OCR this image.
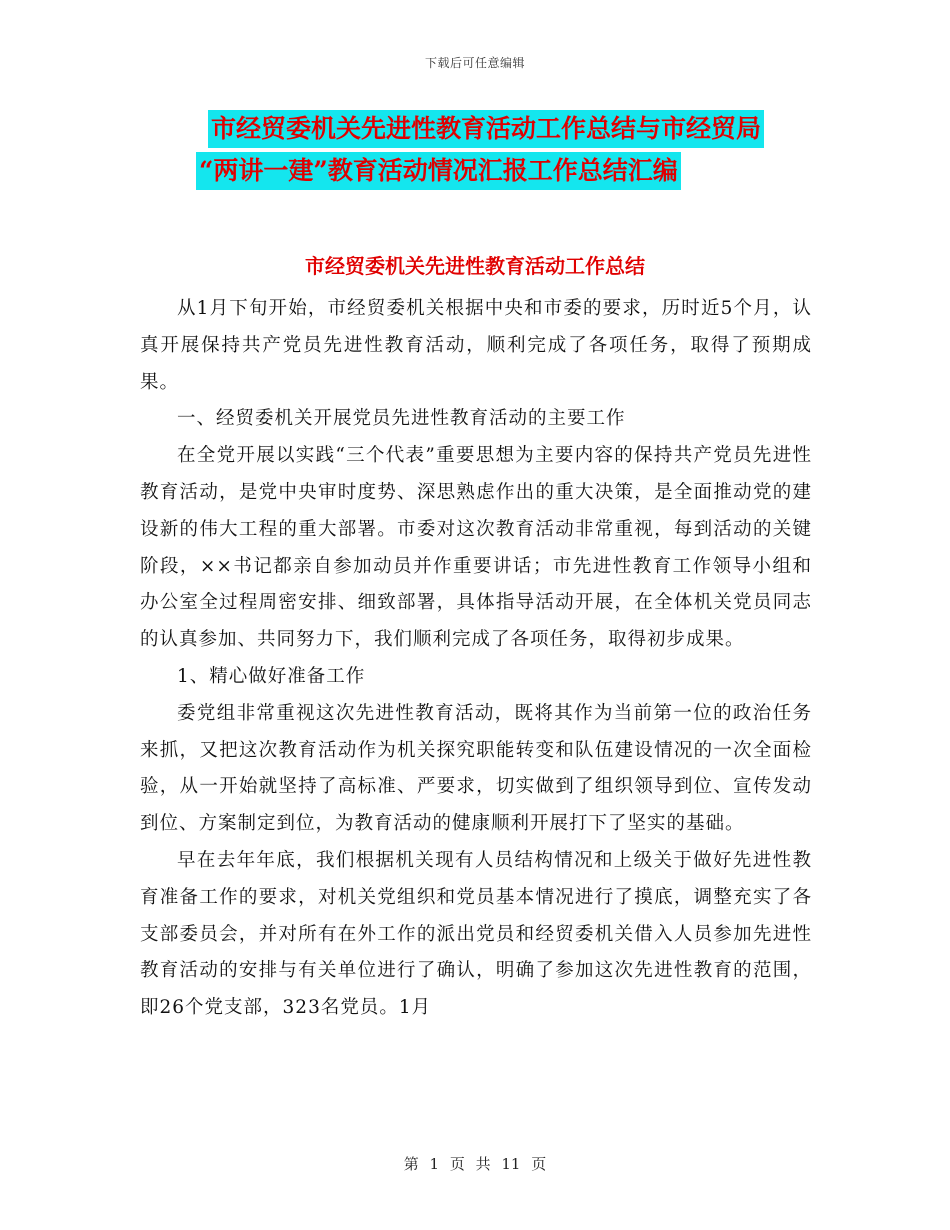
下载后可任意编辑
市经贸委机关先进性教育活动工作总结与市经贸局
“两讲一建”教育活动情况汇报工作总结汇编
市经贸委机关先进性教育活动工作总结

从1月下旬开始，市经贸委机关根据中央和市委的要求，历时近5个月，认真开展保持共产党员先进性教育活动，顺利完成了各项任务，取得了预期成果。

一、经贸委机关开展党员先进性教育活动的主要工作

在全党开展以实践“三个代表”重要思想为主要内容的保持共产党员先进性教育活动，是党中央审时度势、深思熟虑作出的重大决策，是全面推动党的建设新的伟大工程的重大部署。市委对这次教育活动非常重视，每到活动的关键阶段，××书记都亲自参加动员并作重要讲话；市先进性教育工作领导小组和办公室全过程周密安排、细致部署，具体指导活动开展，在全体机关党员同志的认真参加、共同努力下，我们顺利完成了各项任务，取得初步成果。

1、精心做好准备工作

委党组非常重视这次先进性教育活动，既将其作为当前第一位的政治任务来抓，又把这次教育活动作为机关探究职能转变和队伍建设情况的一次全面检验，从一开始就坚持了高标准、严要求，切实做到了组织领导到位、宣传发动到位、方案制定到位，为教育活动的健康顺利开展打下了坚实的基础。

早在去年年底，我们根据机关现有人员结构情况和上级关于做好先进性教育准备工作的要求，对机关党组织和党员基本情况进行了摸底，调整充实了各支部委员会，并对所有在外工作的派出党员和经贸委机关借入人员参加先进性教育活动的安排与有关单位进行了确认，明确了参加这次先进性教育的范围，即26个党支部，323名党员。1月

第 1 页 共 11 页
